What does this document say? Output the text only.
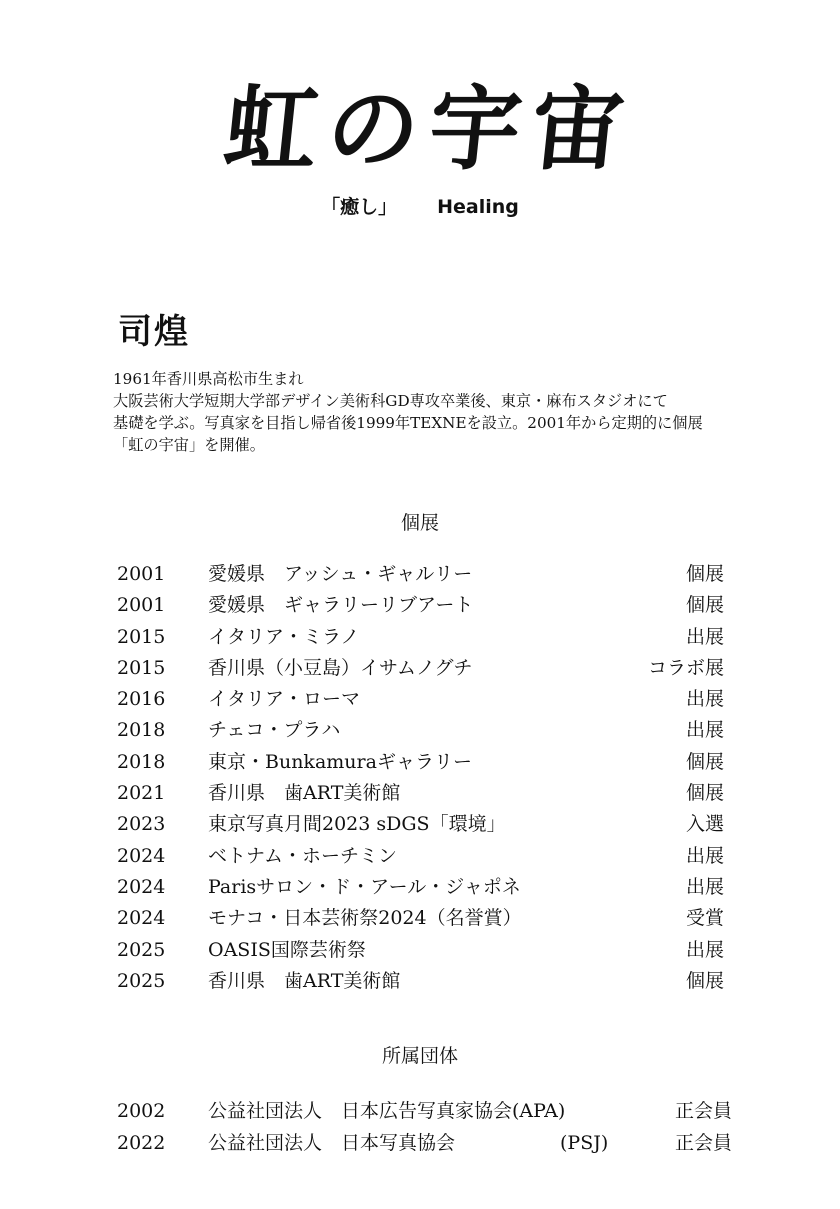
虹の宇宙
「癒し」 Healing
司煌
1961年香川県高松市生まれ
大阪芸術大学短期大学部デザイン美術科GD専攻卒業後、東京・麻布スタジオにて
基礎を学ぶ。写真家を目指し帰省後1999年TEXNEを設立。2001年から定期的に個展
「虹の宇宙」を開催。
個展
2001 愛媛県　アッシュ・ギャルリー	個展
2001 愛媛県　ギャラリーリブアート	個展
2015 イタリア・ミラノ	出展
2015 香川県（小豆島）イサムノグチ	コラボ展
2016 イタリア・ローマ	出展
2018 チェコ・プラハ	出展
2018 東京・Bunkamuraギャラリー	個展
2021 香川県　歯ART美術館	個展
2023 東京写真月間2023 sDGS「環境」	入選
2024 ベトナム・ホーチミン	出展
2024 Parisサロン・ド・アール・ジャポネ	出展
2024 モナコ・日本芸術祭2024（名誉賞）	受賞
2025 OASIS国際芸術祭	出展
2025 香川県　歯ART美術館	個展
所属団体
2002 公益社団法人　日本広告写真家協会(APA)	正会員
2022 公益社団法人　日本写真協会	(PSJ)	正会員
